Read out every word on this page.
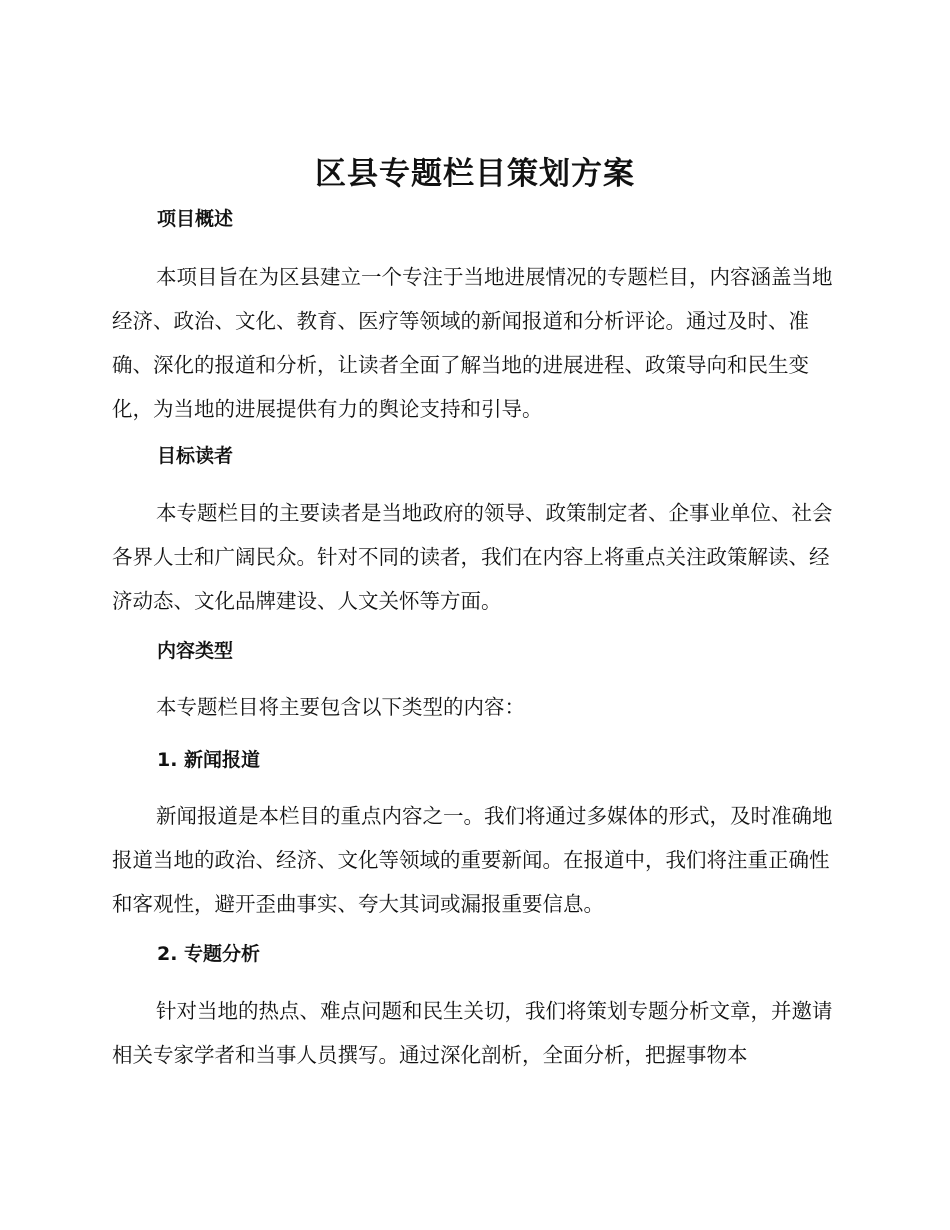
区县专题栏目策划方案
项目概述

本项目旨在为区县建立一个专注于当地进展情况的专题栏目，内容涵盖当地经济、政治、文化、教育、医疗等领域的新闻报道和分析评论。通过及时、准确、深化的报道和分析，让读者全面了解当地的进展进程、政策导向和民生变化，为当地的进展提供有力的舆论支持和引导。

目标读者

本专题栏目的主要读者是当地政府的领导、政策制定者、企事业单位、社会各界人士和广阔民众。针对不同的读者，我们在内容上将重点关注政策解读、经济动态、文化品牌建设、人文关怀等方面。

内容类型

本专题栏目将主要包含以下类型的内容：

1. 新闻报道

新闻报道是本栏目的重点内容之一。我们将通过多媒体的形式，及时准确地报道当地的政治、经济、文化等领域的重要新闻。在报道中，我们将注重正确性和客观性，避开歪曲事实、夸大其词或漏报重要信息。

2. 专题分析

针对当地的热点、难点问题和民生关切，我们将策划专题分析文章，并邀请相关专家学者和当事人员撰写。通过深化剖析，全面分析，把握事物本
